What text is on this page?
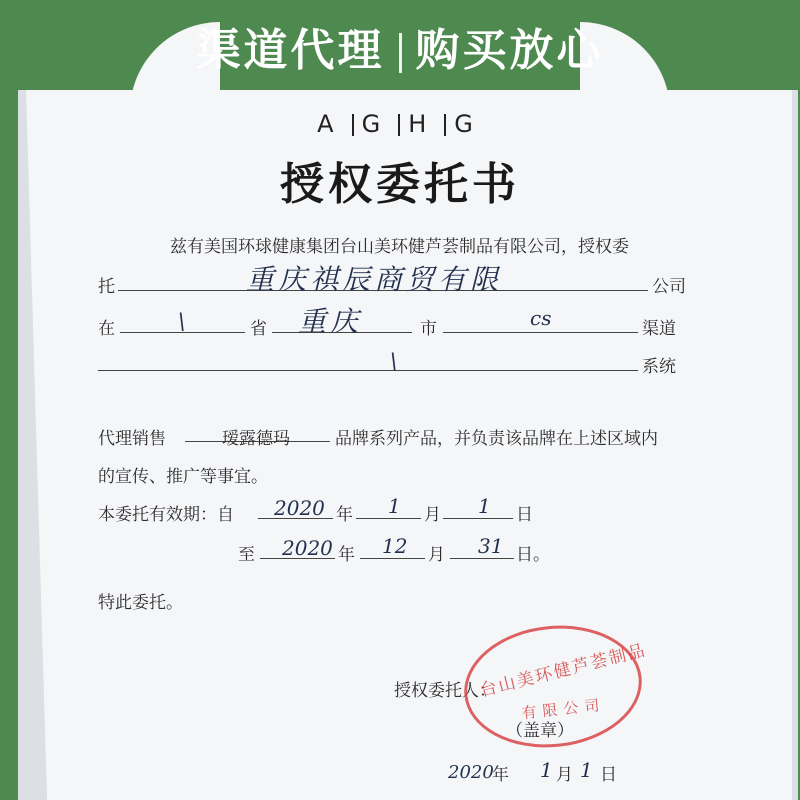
渠道代理 购买放心
A G H G
授权委托书
兹有美国环球健康集团台山美环健芦荟制品有限公司，授权委
托	重庆祺辰商贸有限	公司
在	\	省 重庆	市	cs	渠道
\	系统
代理销售	瑷露德玛	品牌系列产品，并负责该品牌在上述区域内
的宣传、推广等事宜。
本委托有效期：自 2020 年 1 月 1 日
至 2020 年 12 月 31 日。
特此委托。
授权委托人：
台山美环健芦荟制品
有限公司
（盖章）
2020
年 1 月 1 日
